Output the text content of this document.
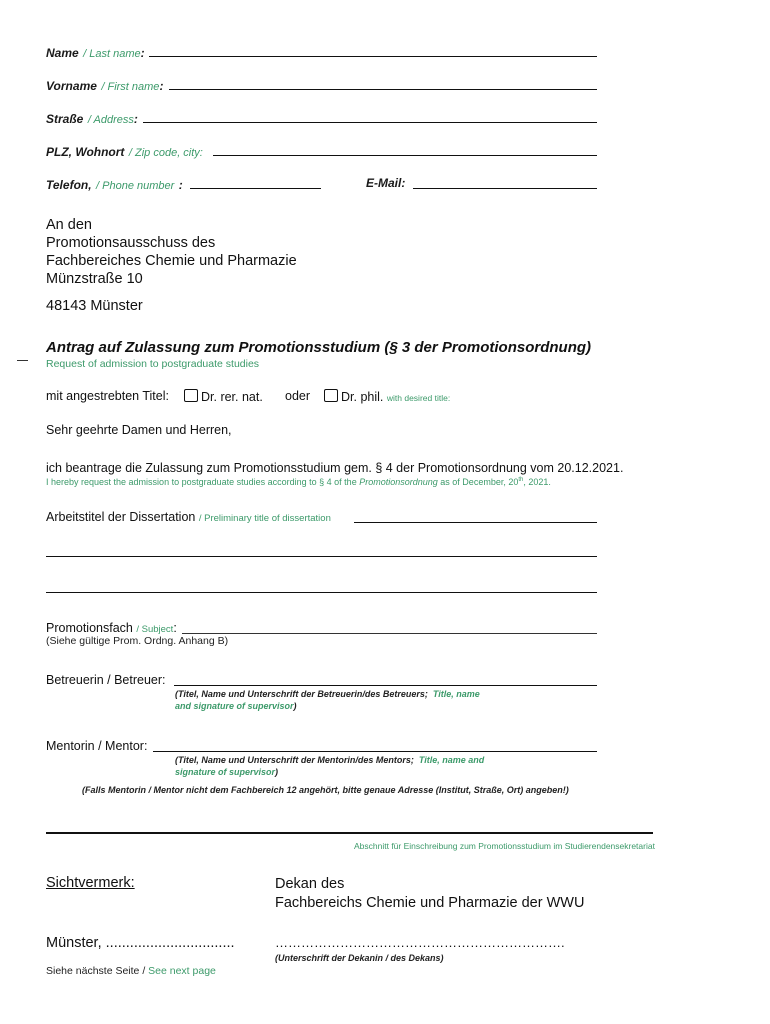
Name / Last name:
Vorname / First name:
Straße / Address:
PLZ, Wohnort / Zip code, city:
Telefon, / Phone number :	E-Mail:
An den
Promotionsausschuss des
Fachbereiches Chemie und Pharmazie
Münzstraße 10
48143 Münster
Antrag auf Zulassung zum Promotionsstudium (§ 3 der Promotionsordnung)
Request of admission to postgraduate studies
mit angestrebten Titel:	Dr. rer. nat. oder	Dr. phil. with desired title:
Sehr geehrte Damen und Herren,
ich beantrage die Zulassung zum Promotionsstudium gem. § 4 der Promotionsordnung vom 20.12.2021.
I hereby request the admission to postgraduate studies according to § 4 of the Promotionsordnung as of December, 20th, 2021.
Arbeitstitel der Dissertation / Preliminary title of dissertation
Promotionsfach / Subject:
(Siehe gültige Prom. Ordng. Anhang B)
Betreuerin / Betreuer:
(Titel, Name und Unterschrift der Betreuerin/des Betreuers; Title, name
and signature of supervisor)
Mentorin / Mentor:
(Titel, Name und Unterschrift der Mentorin/des Mentors; Title, name and
signature of supervisor)
(Falls Mentorin / Mentor nicht dem Fachbereich 12 angehört, bitte genaue Adresse (Institut, Straße, Ort) angeben!)
Abschnitt für Einschreibung zum Promotionsstudium im Studierendensekretariat
Sichtvermerk:	Dekan des
Fachbereichs Chemie und Pharmazie der WWU
Münster, ................................	………………………………………………………….
(Unterschrift der Dekanin / des Dekans)
Siehe nächste Seite / See next page
